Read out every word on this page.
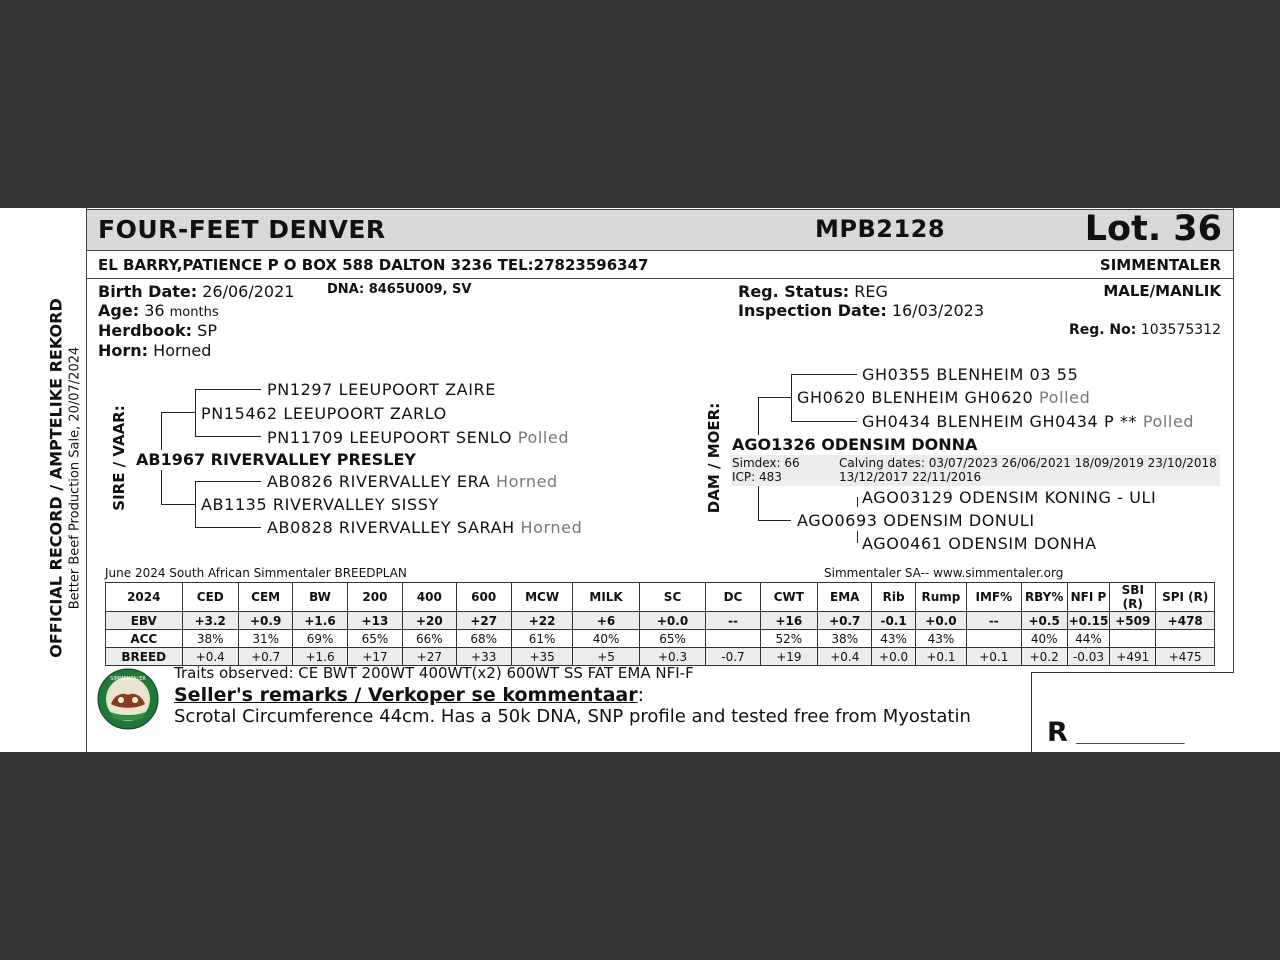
OFFICIAL RECORD / AMPTELIKE REKORD Better Beef Production Sale, 20/07/2024
FOUR-FEET DENVER	MPB2128	Lot. 36
EL BARRY,PATIENCE P O BOX 588 DALTON 3236 TEL:27823596347	SIMMENTALER
Birth Date: 26/06/2021	DNA: 8465U009, SV
Age: 36 months
Herdbook: SP
Horn: Horned
Reg. Status: REG
Inspection Date: 16/03/2023
MALE/MANLIK
Reg. No: 103575312
SIRE / VAAR: AB1967 RIVERVALLEY PRESLEY
PN15462 LEEUPOORT ZARLO
PN1297 LEEUPOORT ZAIRE
PN11709 LEEUPOORT SENLO Polled
AB1135 RIVERVALLEY SISSY
AB0826 RIVERVALLEY ERA Horned
AB0828 RIVERVALLEY SARAH Horned
DAM / MOER: AGO1326 ODENSIM DONNA
GH0620 BLENHEIM GH0620 Polled
GH0355 BLENHEIM 03 55
GH0434 BLENHEIM GH0434 P ** Polled
Simdex: 66
ICP: 483
Calving dates: 03/07/2023 26/06/2021 18/09/2019 23/10/2018
13/12/2017 22/11/2016
AGO0693 ODENSIM DONULI
AGO03129 ODENSIM KONING - ULI
AGO0461 ODENSIM DONHA
June 2024 South African Simmentaler BREEDPLAN	Simmentaler SA-- www.simmentaler.org
2024	CED	CEM	BW	200	400	600	MCW	MILK	SC	DC	CWT	EMA	Rib	Rump	IMF%	RBY%	NFI P	SBI (R)	SPI (R)
EBV	+3.2	+0.9	+1.6	+13	+20	+27	+22	+6	+0.0	--	+16	+0.7	-0.1	+0.0	--	+0.5	+0.15	+509	+478
ACC	38%	31%	69%	65%	66%	68%	61%	40%	65%		52%	38%	43%	43%		40%	44%		
BREED	+0.4	+0.7	+1.6	+17	+27	+33	+35	+5	+0.3	-0.7	+19	+0.4	+0.0	+0.1	+0.1	+0.2	-0.03	+491	+475
SIMMENTALER Traits observed: CE BWT 200WT 400WT(x2) 600WT SS FAT EMA NFI-F
Seller's remarks / Verkoper se kommentaar:
Scrotal Circumference 44cm. Has a 50k DNA, SNP profile and tested free from Myostatin
R __________________
